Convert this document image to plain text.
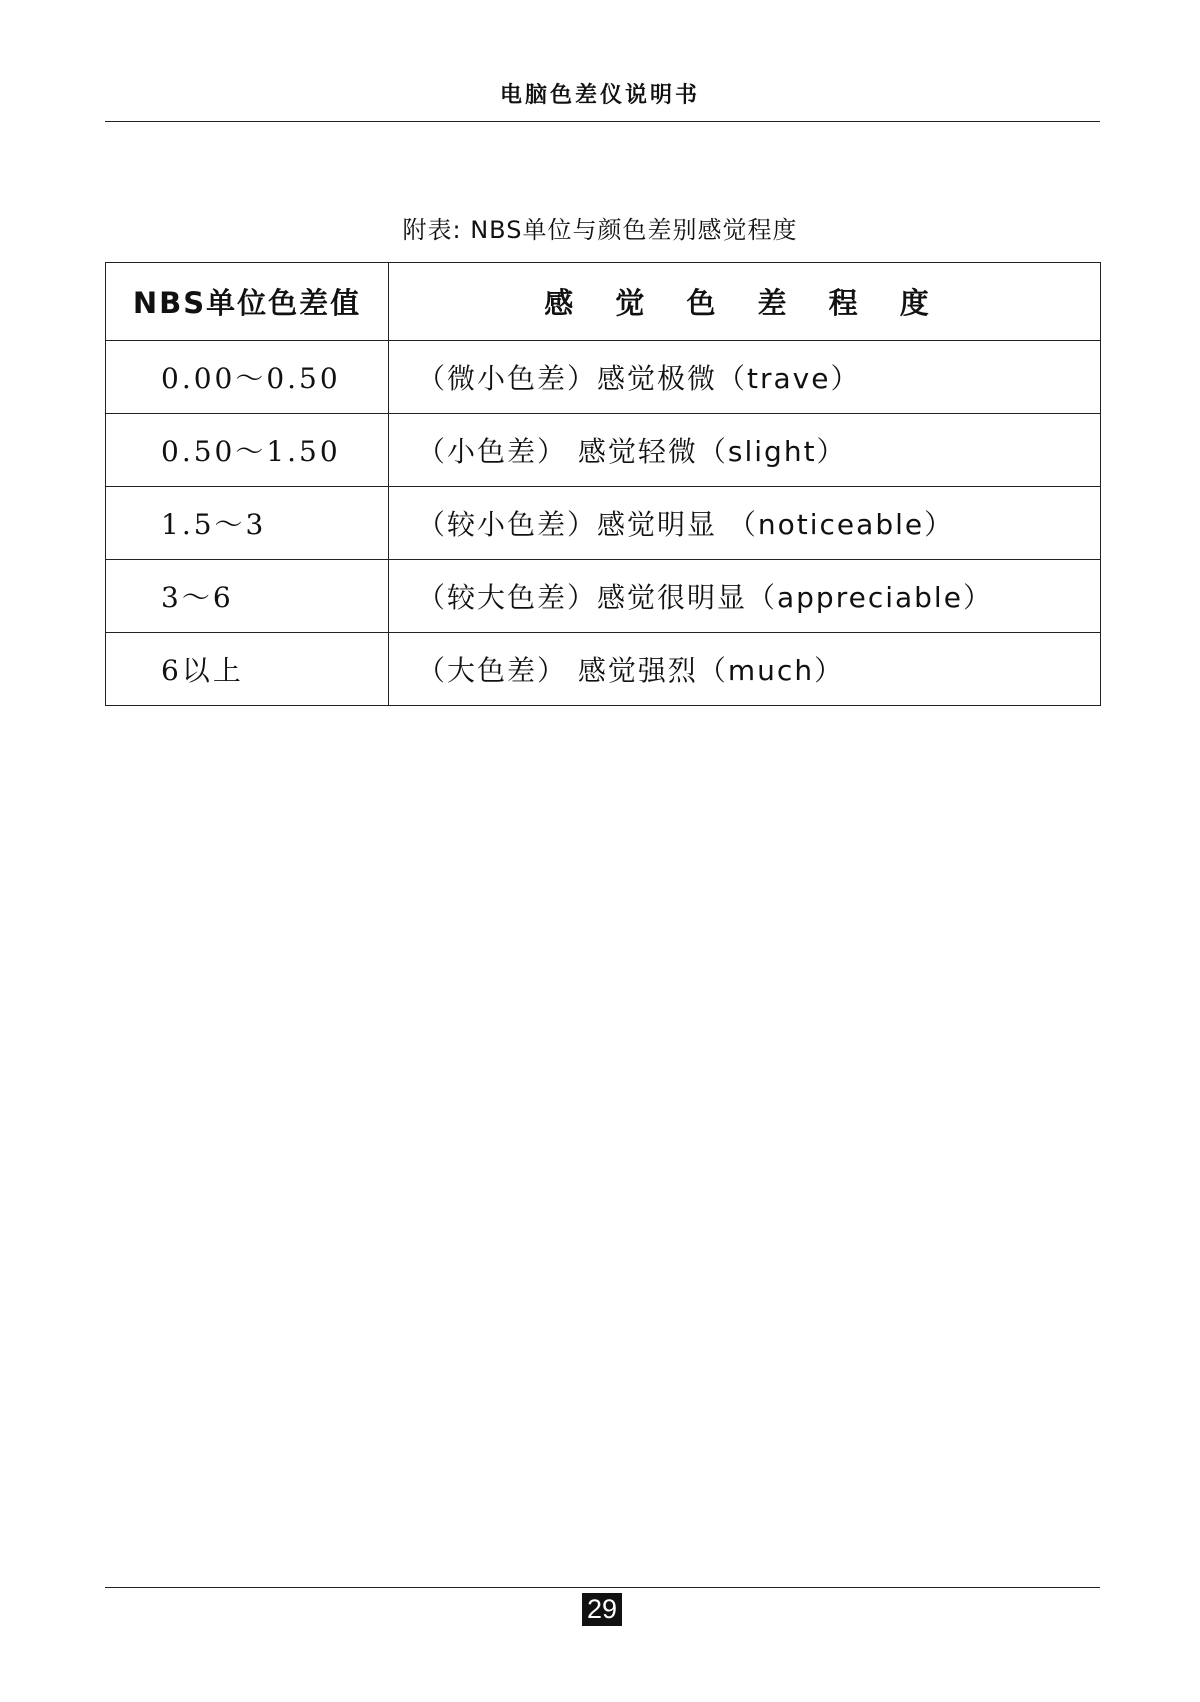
电脑色差仪说明书
附表: NBS单位与颜色差别感觉程度
NBS单位色差值	感 觉 色 差 程 度
0.00～0.50	（微小色差）感觉极微（trave）
0.50～1.50	（小色差） 感觉轻微（slight）
1.5～3	（较小色差）感觉明显 （noticeable）
3～6	（较大色差）感觉很明显（appreciable）
6以上	（大色差） 感觉强烈（much）
29
